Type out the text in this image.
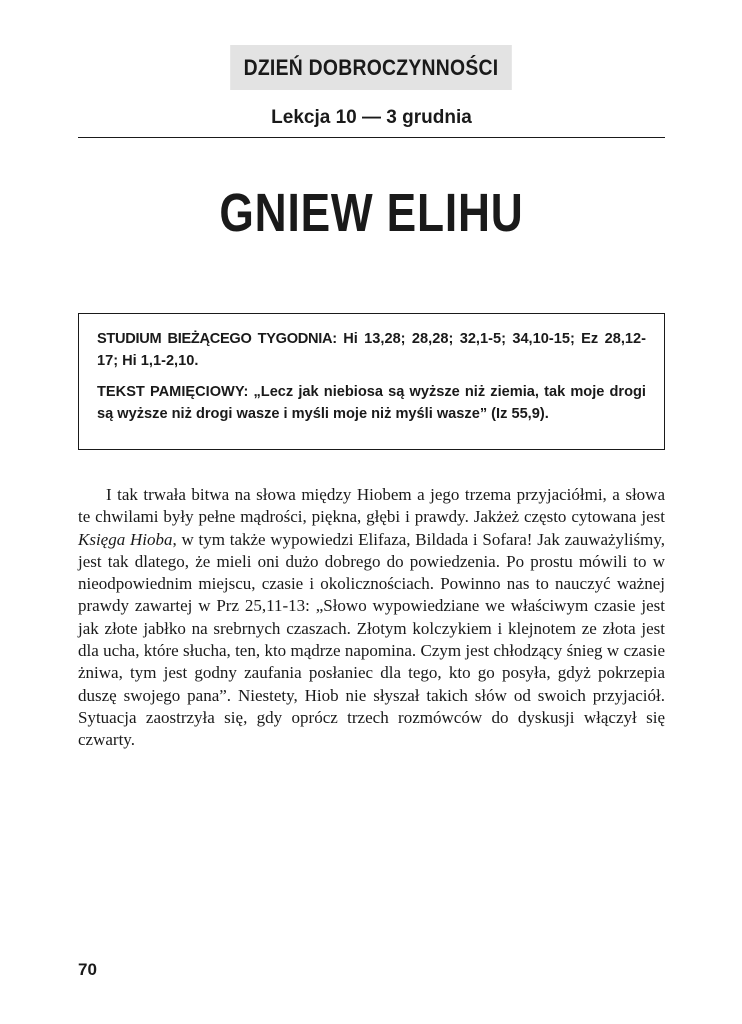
DZIEŃ DOBROCZYNNOŚCI
Lekcja 10 — 3 grudnia
GNIEW ELIHU

STUDIUM BIEŻĄCEGO TYGODNIA: Hi 13,28; 28,28; 32,1-5; 34,10-15; Ez 28,12-17; Hi 1,1-2,10.

TEKST PAMIĘCIOWY: „Lecz jak niebiosa są wyższe niż ziemia, tak moje drogi są wyższe niż drogi wasze i myśli moje niż myśli wasze” (Iz 55,9).

I tak trwała bitwa na słowa między Hiobem a jego trzema przyjaciółmi, a słowa te chwilami były pełne mądrości, piękna, głębi i prawdy. Jakżeż często cytowana jest Księga Hioba, w tym także wypowiedzi Elifaza, Bildada i Sofara! Jak zauważyliśmy, jest tak dlatego, że mieli oni dużo dobrego do powiedzenia. Po prostu mówili to w nieodpowiednim miejscu, czasie i okolicznościach. Powinno nas to nauczyć ważnej prawdy zawartej w Prz 25,11-13: „Słowo wypowiedziane we właściwym czasie jest jak złote jabłko na srebrnych czaszach. Złotym kolczykiem i klejnotem ze złota jest dla ucha, które słucha, ten, kto mądrze napomina. Czym jest chłodzący śnieg w czasie żniwa, tym jest godny zaufania posłaniec dla tego, kto go posyła, gdyż pokrzepia duszę swojego pana”. Niestety, Hiob nie słyszał takich słów od swoich przyjaciół. Sytuacja zaostrzyła się, gdy oprócz trzech rozmówców do dyskusji włączył się czwarty.

70
